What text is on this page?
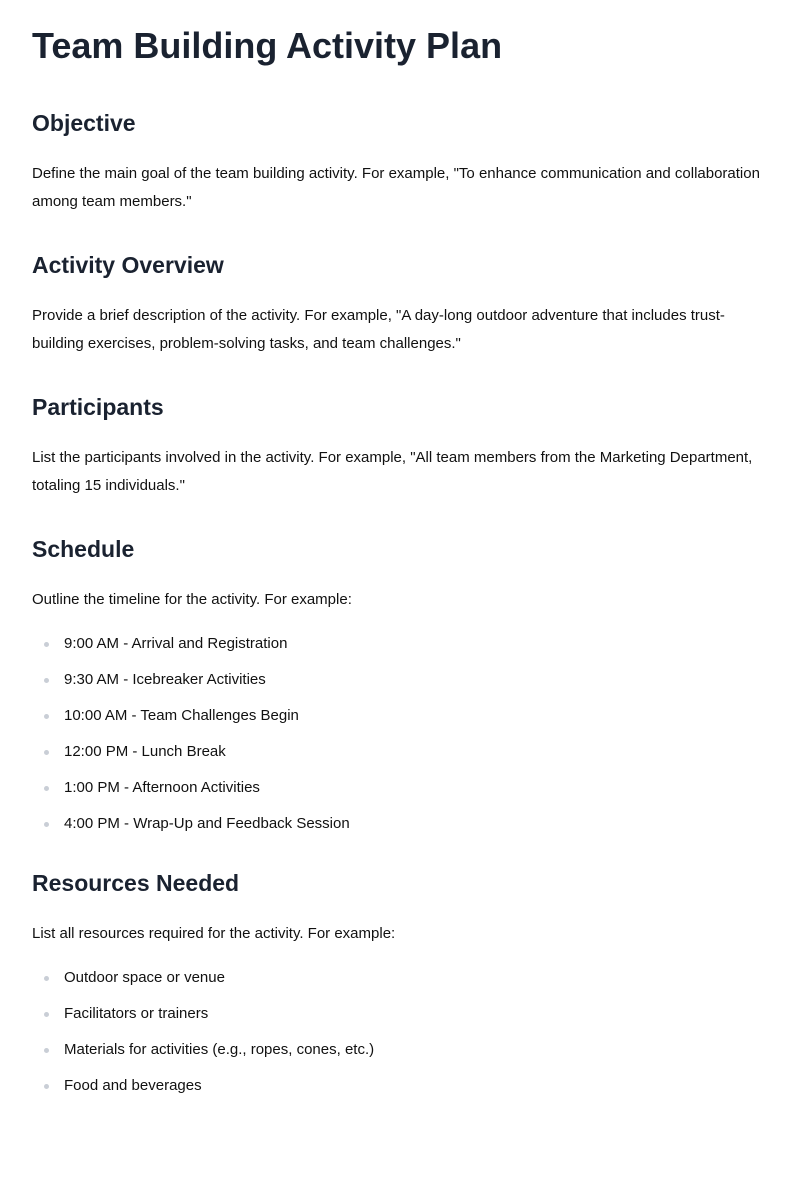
Team Building Activity Plan
Objective

Define the main goal of the team building activity. For example, "To enhance communication and collaboration among team members."

Activity Overview

Provide a brief description of the activity. For example, "A day-long outdoor adventure that includes trust-building exercises, problem-solving tasks, and team challenges."

Participants

List the participants involved in the activity. For example, "All team members from the Marketing Department, totaling 15 individuals."

Schedule

Outline the timeline for the activity. For example:

9:00 AM - Arrival and Registration
9:30 AM - Icebreaker Activities
10:00 AM - Team Challenges Begin
12:00 PM - Lunch Break
1:00 PM - Afternoon Activities
4:00 PM - Wrap-Up and Feedback Session
Resources Needed

List all resources required for the activity. For example:

Outdoor space or venue
Facilitators or trainers
Materials for activities (e.g., ropes, cones, etc.)
Food and beverages
